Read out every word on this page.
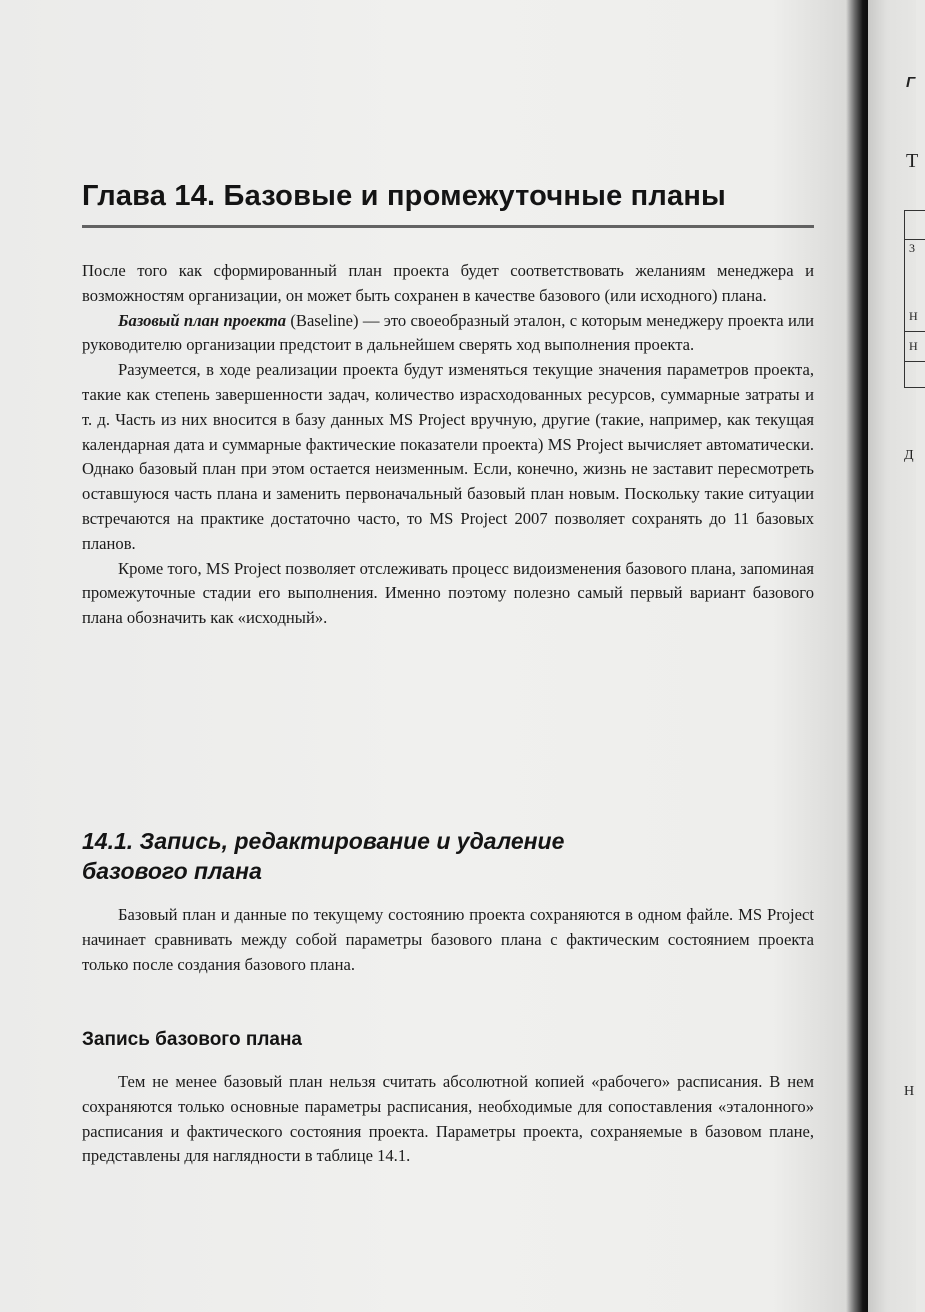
Глава 14. Базовые и промежуточные планы

После того как сформированный план проекта будет соответствовать желаниям менеджера и возможностям организации, он может быть сохранен в качестве базового (или исходного) плана.

Базовый план проекта (Baseline) — это своеобразный эталон, с которым менеджеру проекта или руководителю организации предстоит в дальнейшем сверять ход выполнения проекта.

Разумеется, в ходе реализации проекта будут изменяться текущие значения параметров проекта, такие как степень завершенности задач, количество израсходованных ресурсов, суммарные затраты и т. д. Часть из них вносится в базу данных MS Project вручную, другие (такие, например, как текущая календарная дата и суммарные фактические показатели проекта) MS Project вычисляет автоматически. Однако базовый план при этом остается неизменным. Если, конечно, жизнь не заставит пересмотреть оставшуюся часть плана и заменить первоначальный базовый план новым. Поскольку такие ситуации встречаются на практике достаточно часто, то MS Project 2007 позволяет сохранять до 11 базовых планов.

Кроме того, MS Project позволяет отслеживать процесс видоизменения базового плана, запоминая промежуточные стадии его выполнения. Именно поэтому полезно самый первый вариант базового плана обозначить как «исходный».

14.1. Запись, редактирование и удаление
базового плана

Базовый план и данные по текущему состоянию проекта сохраняются в одном файле. MS Project начинает сравнивать между собой параметры базового плана с фактическим состоянием проекта только после создания базового плана.

Запись базового плана

Тем не менее базовый план нельзя считать абсолютной копией «рабочего» расписания. В нем сохраняются только основные параметры расписания, необходимые для сопоставления «эталонного» расписания и фактического состояния проекта. Параметры проекта, сохраняемые в базовом плане, представлены для наглядности в таблице 14.1.

Г
Т
3
Н
Н
Д
Н
